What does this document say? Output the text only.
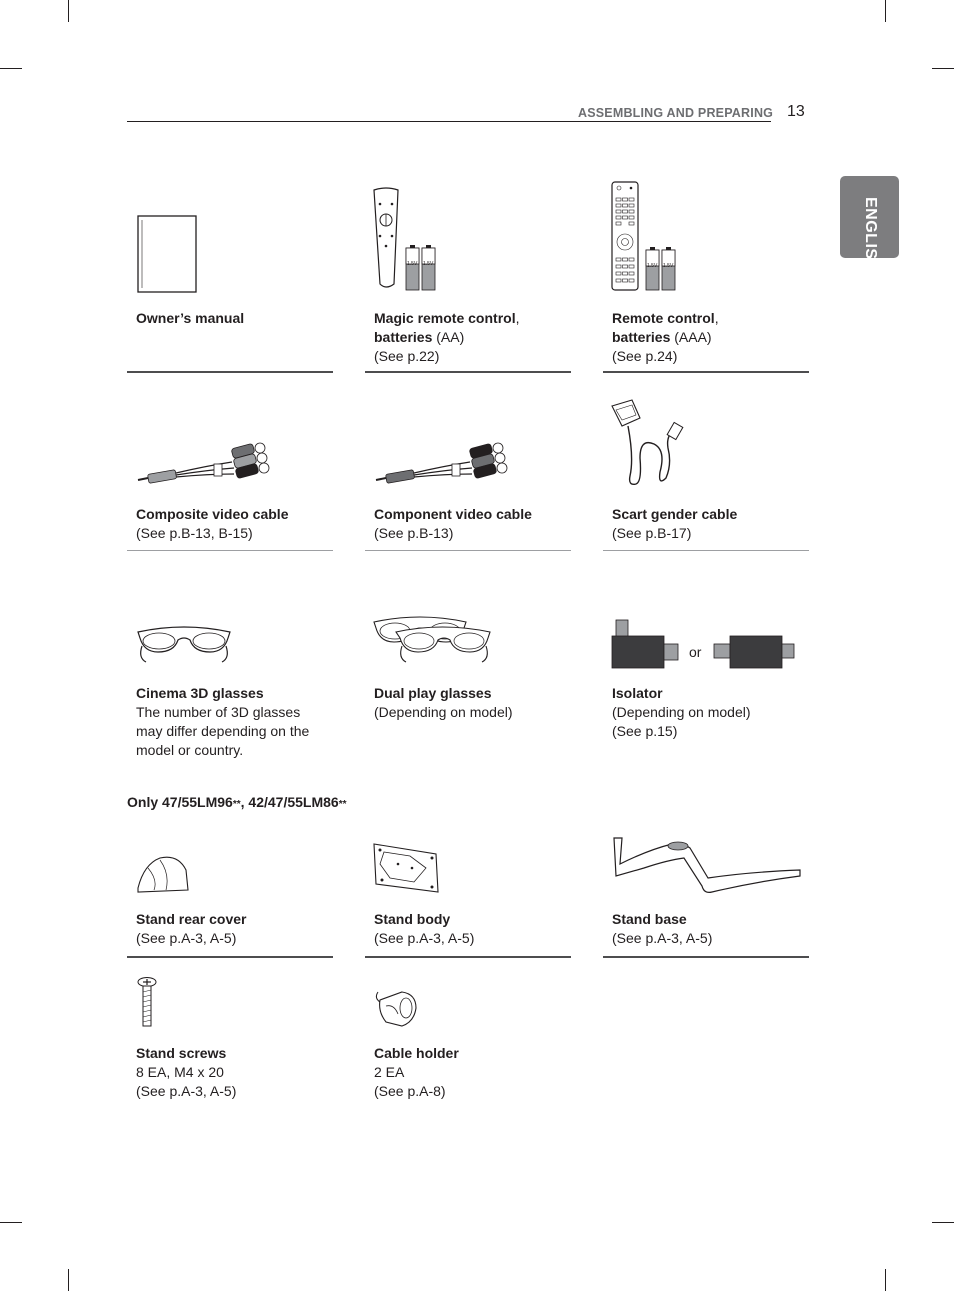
ASSEMBLING AND PREPARING 13
ENGLISH
1.5V 1.5V	1.5V 1.5V
Owner’s manual	Magic remote control,
batteries (AA)
(See p.22)
Remote control,
batteries (AAA)
(See p.24)
Composite video cable
(See p.B-13, B-15)
Component video cable
(See p.B-13)
Scart gender cable
(See p.B-17)
or
Cinema 3D glasses
The number of 3D glasses
may differ depending on the
model or country.
Dual play glasses
(Depending on model)
Isolator
(Depending on model)
(See p.15)
Only 47/55LM96**, 42/47/55LM86**
Stand rear cover
(See p.A-3, A-5)
Stand body
(See p.A-3, A-5)
Stand base
(See p.A-3, A-5)
Stand screws
8 EA, M4 x 20
(See p.A-3, A-5)
Cable holder
2 EA
(See p.A-8)
